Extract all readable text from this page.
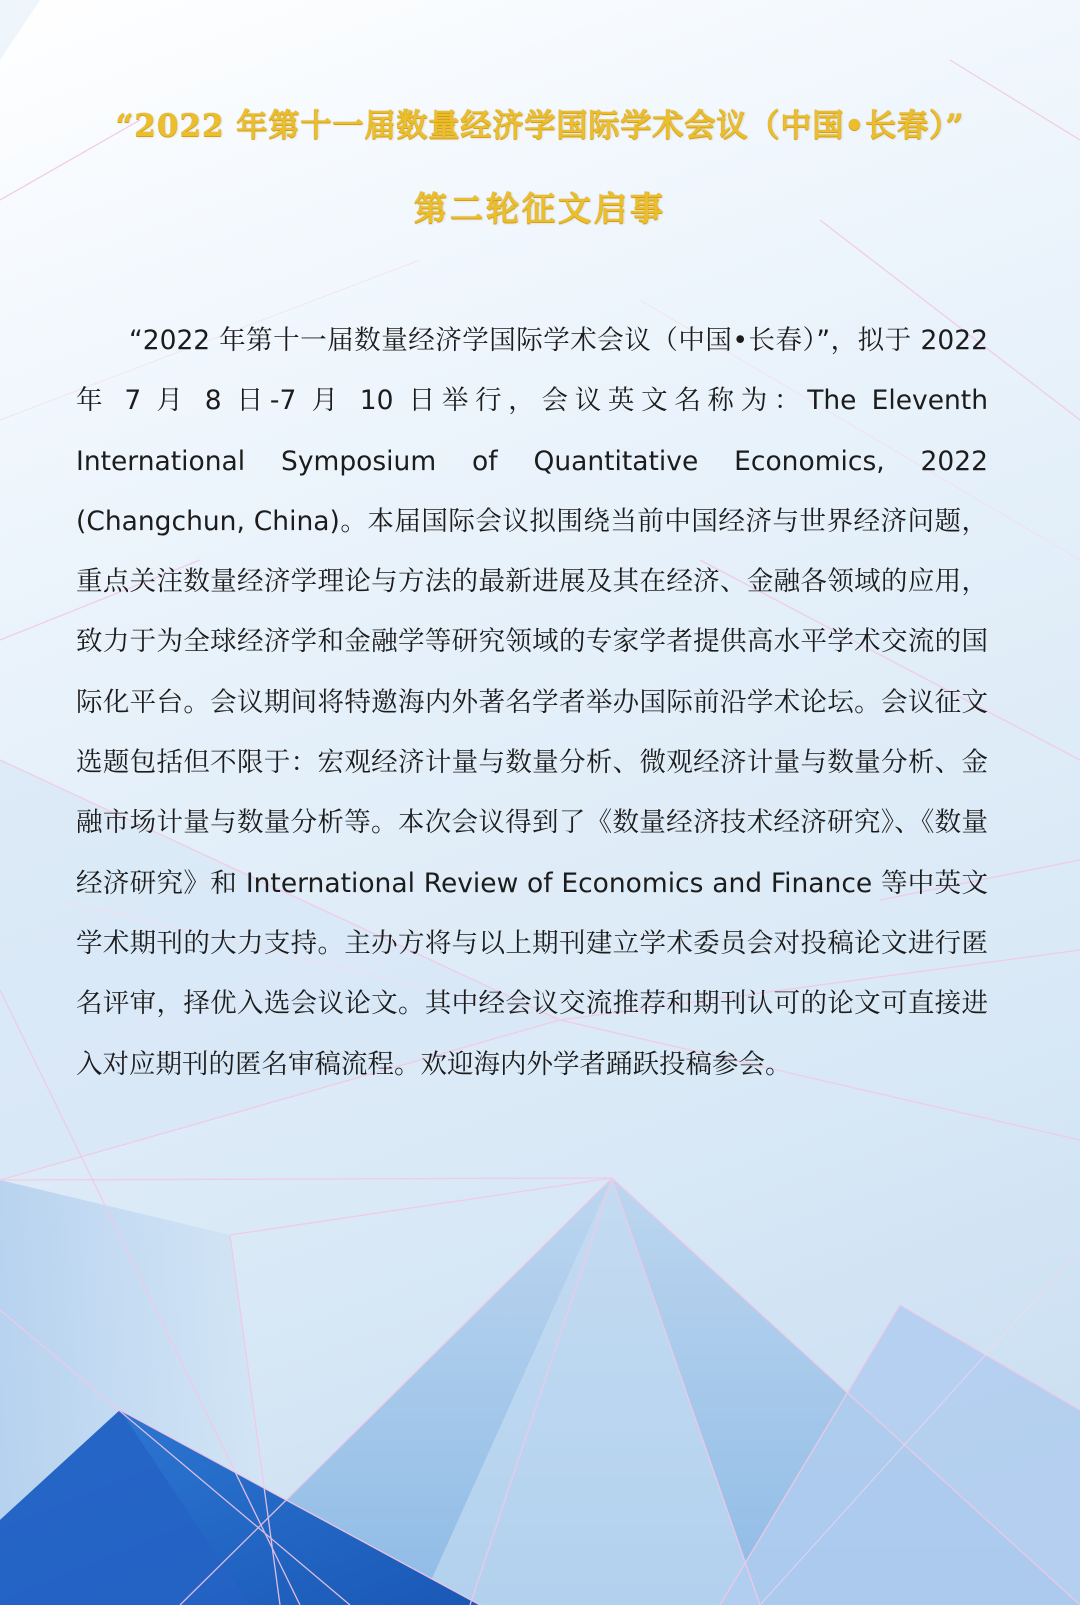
“2022 年第十一届数量经济学国际学术会议（中国•长春）”
第二轮征文启事

“2022 年第十一届数量经济学国际学术会议（中国•长春）”，拟于 2022 年 7 月 8 日-7 月 10 日举行，会议英文名称为：The Eleventh International Symposium of Quantitative Economics, 2022 (Changchun, China)。本届国际会议拟围绕当前中国经济与世界经济问题，重点关注数量经济学理论与方法的最新进展及其在经济、金融各领域的应用，致力于为全球经济学和金融学等研究领域的专家学者提供高水平学术交流的国际化平台。会议期间将特邀海内外著名学者举办国际前沿学术论坛。会议征文选题包括但不限于：宏观经济计量与数量分析、微观经济计量与数量分析、金融市场计量与数量分析等。本次会议得到了《数量经济技术经济研究》、《数量经济研究》和 International Review of Economics and Finance 等中英文学术期刊的大力支持。主办方将与以上期刊建立学术委员会对投稿论文进行匿名评审，择优入选会议论文。其中经会议交流推荐和期刊认可的论文可直接进入对应期刊的匿名审稿流程。欢迎海内外学者踊跃投稿参会。
